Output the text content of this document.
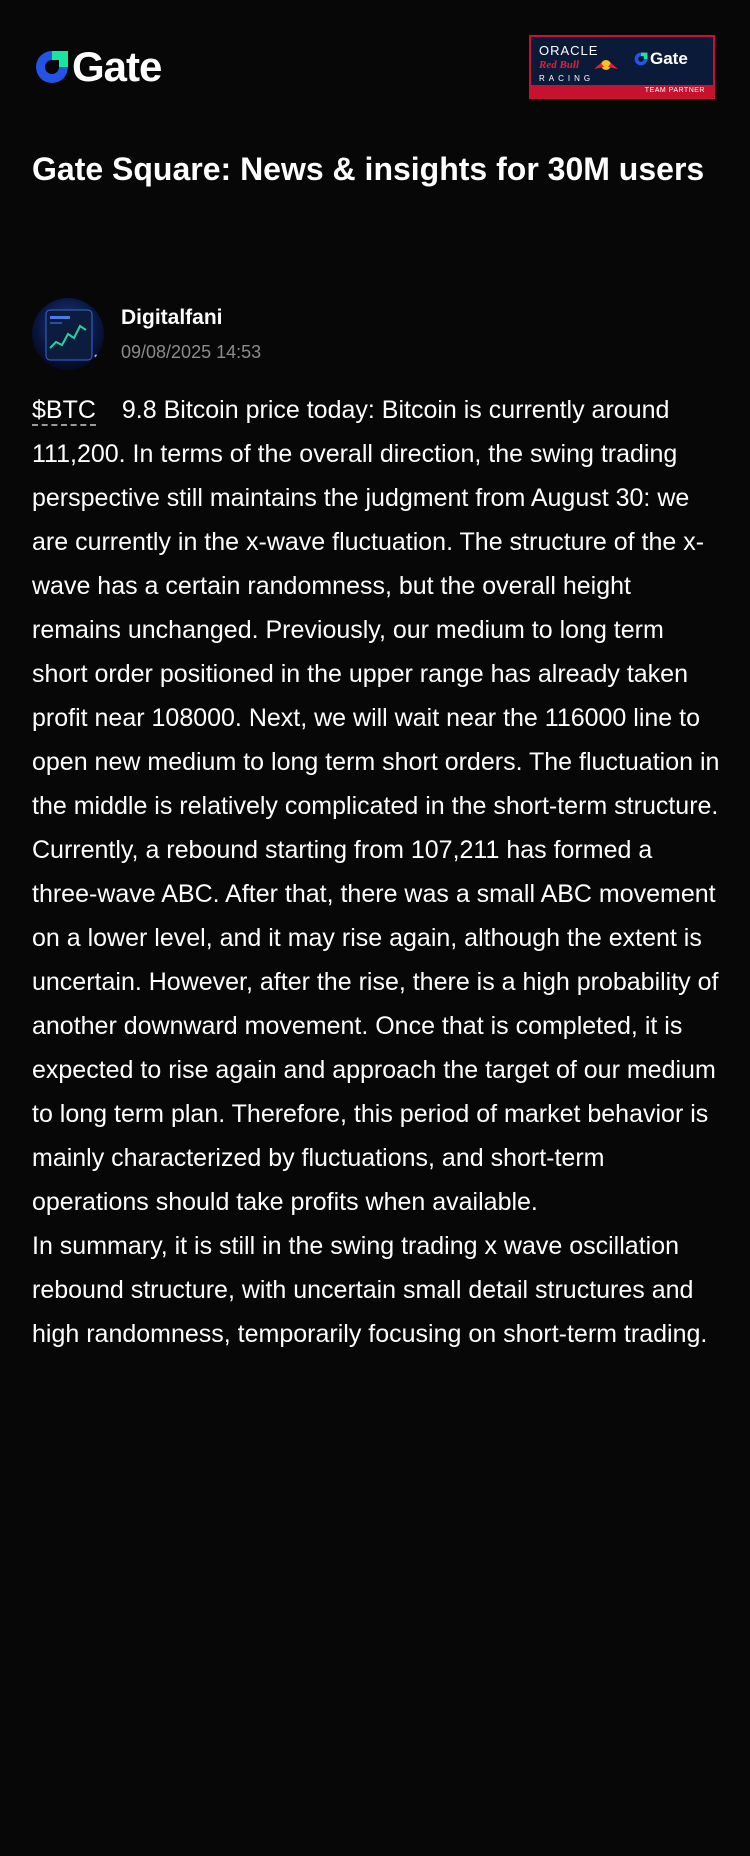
Gate	ORACLE
Red Bull
RACING
Gate
TEAM PARTNER
Gate Square: News & insights for 30M users
Digitalfani
09/08/2025 14:53
$BTC 9.8 Bitcoin price today: Bitcoin is currently around 111,200. In terms of the overall direction, the swing trading perspective still maintains the judgment from August 30: we are currently in the x-wave fluctuation. The structure of the x-wave has a certain randomness, but the overall height remains unchanged. Previously, our medium to long term short order positioned in the upper range has already taken profit near 108000. Next, we will wait near the 116000 line to open new medium to long term short orders. The fluctuation in the middle is relatively complicated in the short-term structure. Currently, a rebound starting from 107,211 has formed a three-wave ABC. After that, there was a small ABC movement on a lower level, and it may rise again, although the extent is uncertain. However, after the rise, there is a high probability of another downward movement. Once that is completed, it is expected to rise again and approach the target of our medium to long term plan. Therefore, this period of market behavior is mainly characterized by fluctuations, and short-term operations should take profits when available.
In summary, it is still in the swing trading x wave oscillation rebound structure, with uncertain small detail structures and high randomness, temporarily focusing on short-term trading.
